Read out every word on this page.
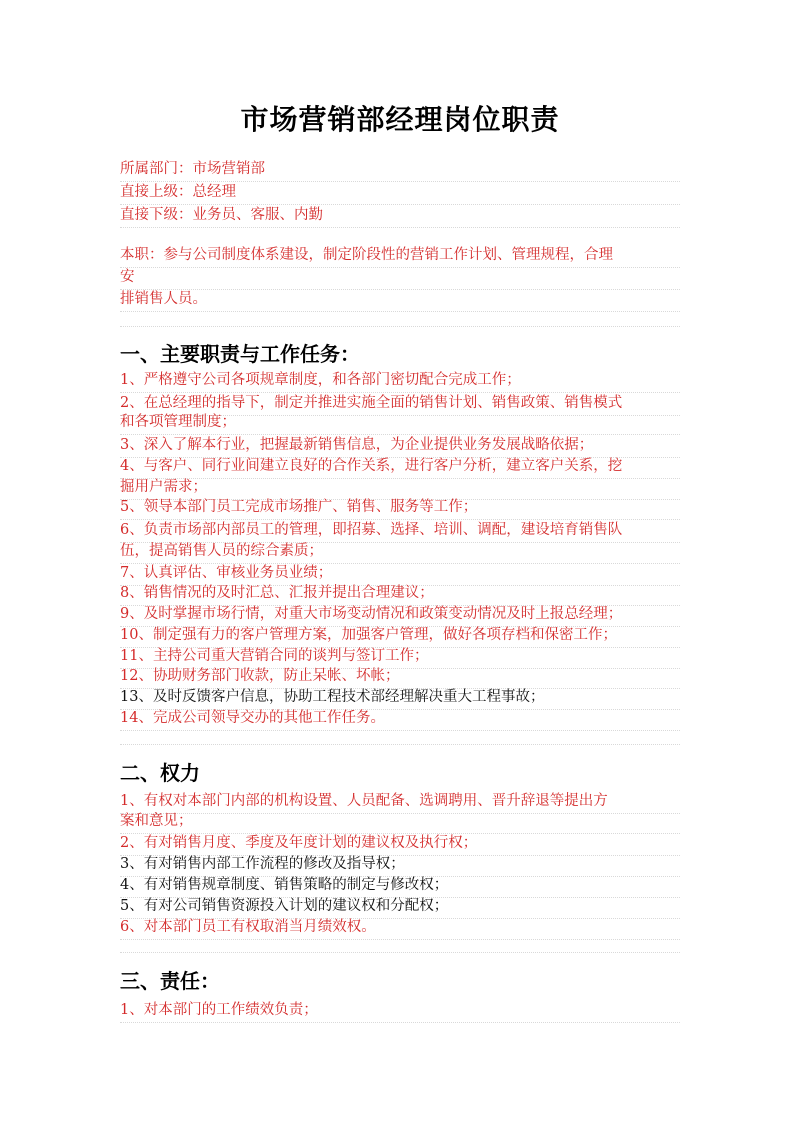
市场营销部经理岗位职责
所属部门：市场营销部
直接上级：总经理
直接下级：业务员、客服、内勤
本职：参与公司制度体系建设，制定阶段性的营销工作计划、管理规程，合理
安
排销售人员。
一、主要职责与工作任务：
1、严格遵守公司各项规章制度，和各部门密切配合完成工作；
2、在总经理的指导下，制定并推进实施全面的销售计划、销售政策、销售模式
和各项管理制度；
3、深入了解本行业，把握最新销售信息，为企业提供业务发展战略依据；
4、与客户、同行业间建立良好的合作关系，进行客户分析，建立客户关系，挖
掘用户需求；
5、领导本部门员工完成市场推广、销售、服务等工作；
6、负责市场部内部员工的管理，即招募、选择、培训、调配，建设培育销售队
伍，提高销售人员的综合素质；
7、认真评估、审核业务员业绩；
8、销售情况的及时汇总、汇报并提出合理建议；
9、及时掌握市场行情，对重大市场变动情况和政策变动情况及时上报总经理；
10、制定强有力的客户管理方案，加强客户管理，做好各项存档和保密工作；
11、主持公司重大营销合同的谈判与签订工作；
12、协助财务部门收款，防止呆帐、坏帐；
13、及时反馈客户信息，协助工程技术部经理解决重大工程事故；
14、完成公司领导交办的其他工作任务。
二、权力
1、有权对本部门内部的机构设置、人员配备、选调聘用、晋升辞退等提出方
案和意见；
2、有对销售月度、季度及年度计划的建议权及执行权；
3、有对销售内部工作流程的修改及指导权；
4、有对销售规章制度、销售策略的制定与修改权；
5、有对公司销售资源投入计划的建议权和分配权；
6、对本部门员工有权取消当月绩效权。
三、责任：
1、对本部门的工作绩效负责；
